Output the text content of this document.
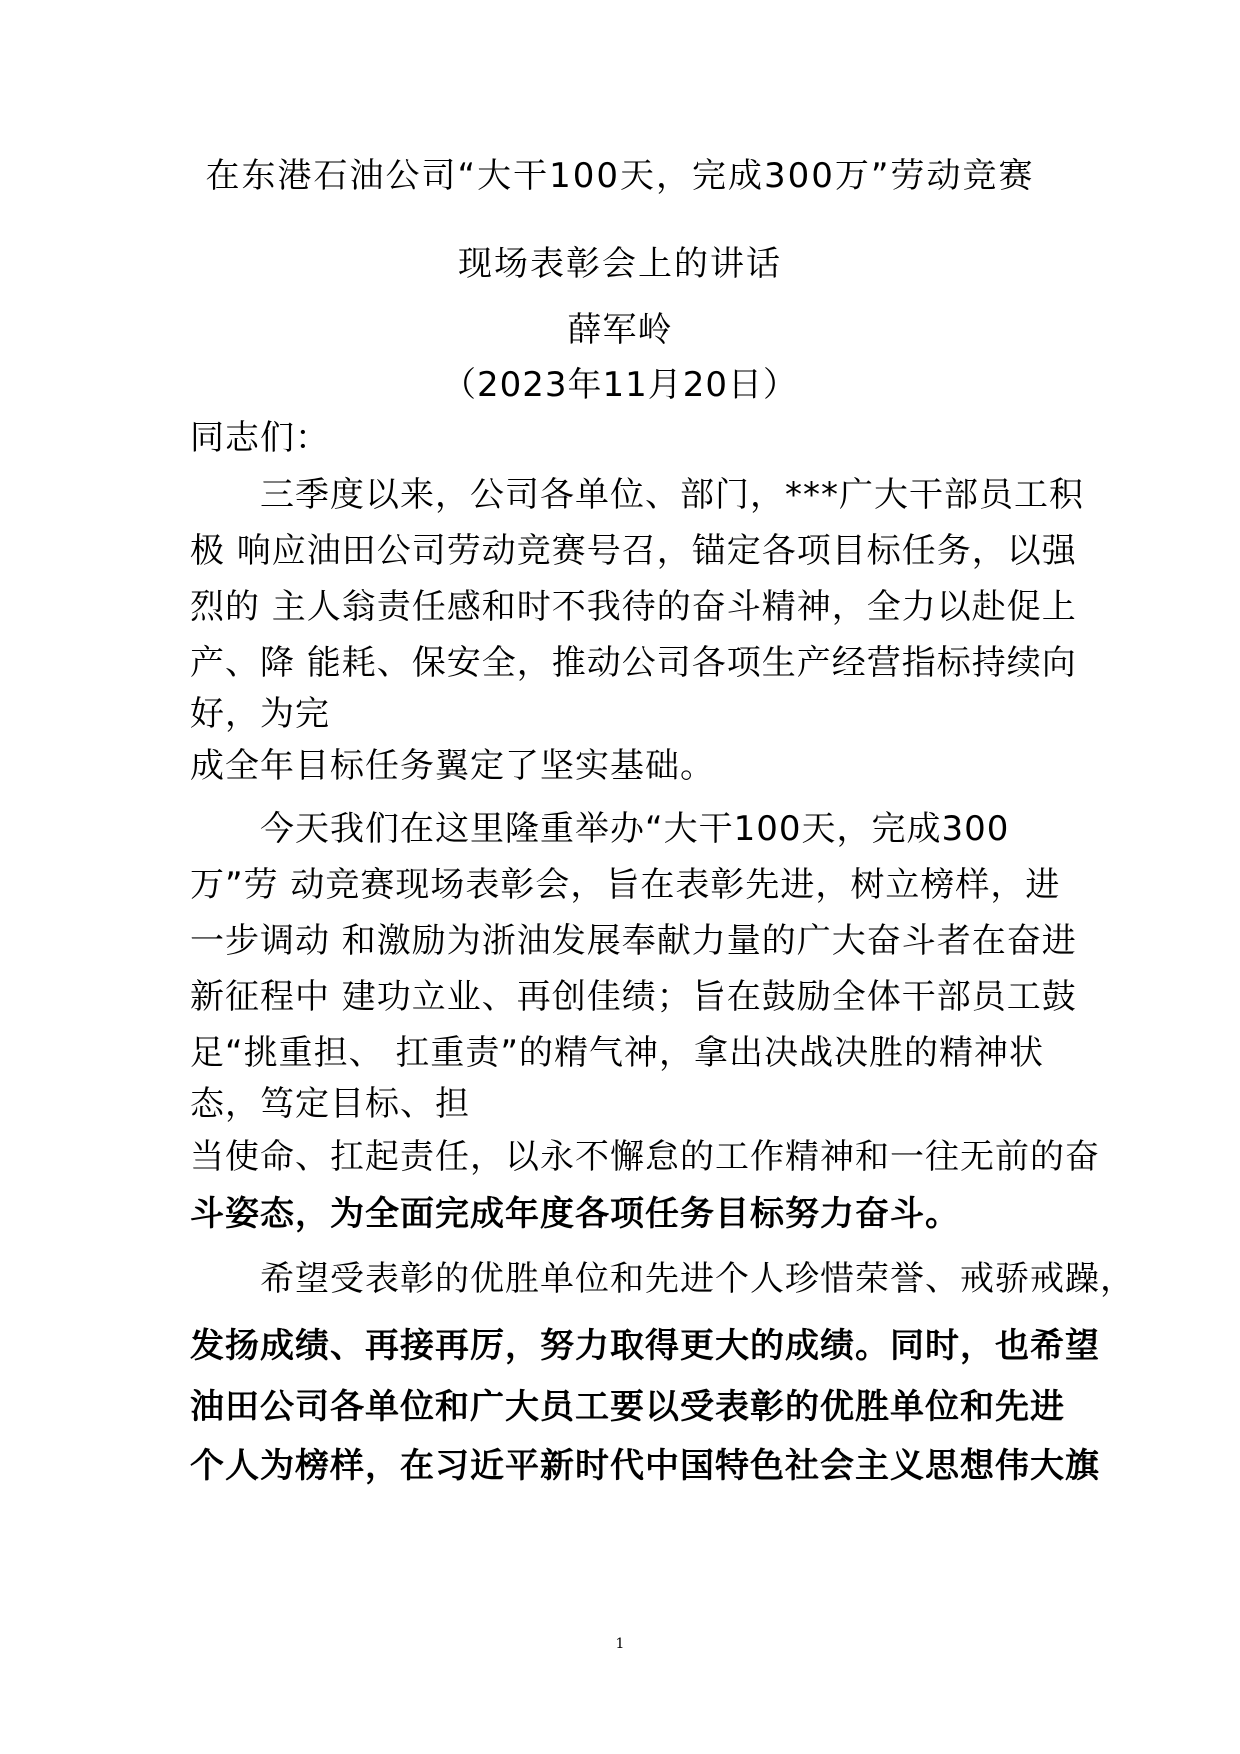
在东港石油公司“大干100天，完成300万”劳动竞赛
现场表彰会上的讲话
薛军岭
（2023年11月20日）
同志们：
　　三季度以来，公司各单位、部门，***广大干部员工积
极 响应油田公司劳动竞赛号召，锚定各项目标任务，以强
烈的 主人翁责任感和时不我待的奋斗精神，全力以赴促上
产、降 能耗、保安全，推动公司各项生产经营指标持续向
好，为完
成全年目标任务翼定了坚实基础。
　　今天我们在这里隆重举办“大干100天，完成300
万”劳 动竞赛现场表彰会，旨在表彰先进，树立榜样，进
一步调动 和激励为浙油发展奉献力量的广大奋斗者在奋进
新征程中 建功立业、再创佳绩；旨在鼓励全体干部员工鼓
足“挑重担、 扛重责”的精气神，拿出决战决胜的精神状
态，笃定目标、担
当使命、扛起责任，以永不懈怠的工作精神和一往无前的奋
斗姿态，为全面完成年度各项任务目标努力奋斗。
　　希望受表彰的优胜单位和先进个人珍惜荣誉、戒骄戒躁，
发扬成绩、再接再厉，努力取得更大的成绩。同时，也希望
油田公司各单位和广大员工要以受表彰的优胜单位和先进
个人为榜样，在习近平新时代中国特色社会主义思想伟大旗
1
